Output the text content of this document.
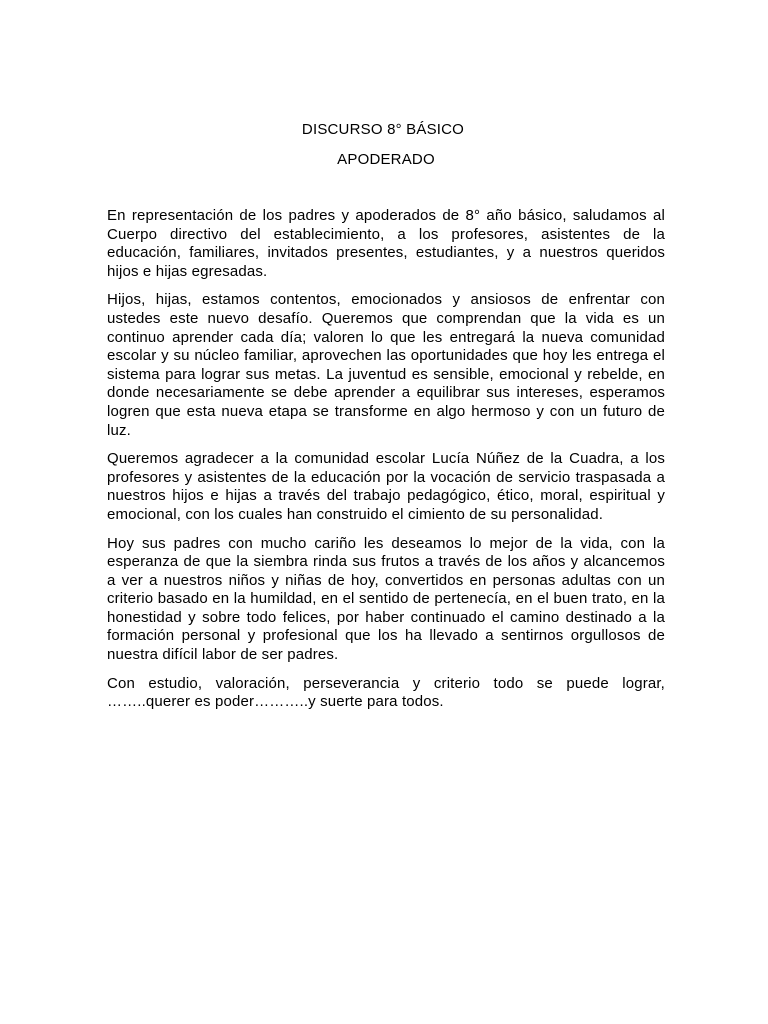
DISCURSO 8° BÁSICO
APODERADO

En representación de los padres y apoderados de 8° año básico, saludamos al Cuerpo directivo del establecimiento, a los profesores, asistentes de la educación, familiares, invitados presentes, estudiantes, y a nuestros queridos hijos e hijas egresadas.

Hijos, hijas, estamos contentos, emocionados y ansiosos de enfrentar con ustedes este nuevo desafío. Queremos que comprendan que la vida es un continuo aprender cada día; valoren lo que les entregará la nueva comunidad escolar y su núcleo familiar, aprovechen las oportunidades que hoy les entrega el sistema para lograr sus metas. La juventud es sensible, emocional y rebelde, en donde necesariamente se debe aprender a equilibrar sus intereses, esperamos logren que esta nueva etapa se transforme en algo hermoso y con un futuro de luz.

Queremos agradecer a la comunidad escolar Lucía Núñez de la Cuadra, a los profesores y asistentes de la educación por la vocación de servicio traspasada a nuestros hijos e hijas a través del trabajo pedagógico, ético, moral, espiritual y emocional, con los cuales han construido el cimiento de su personalidad.

Hoy sus padres con mucho cariño les deseamos lo mejor de la vida, con la esperanza de que la siembra rinda sus frutos a través de los años y alcancemos a ver a nuestros niños y niñas de hoy, convertidos en personas adultas con un criterio basado en la humildad, en el sentido de pertenecía, en el buen trato, en la honestidad y sobre todo felices, por haber continuado el camino destinado a la formación personal y profesional que los ha llevado a sentirnos orgullosos de nuestra difícil labor de ser padres.

Con estudio, valoración, perseverancia y criterio todo se puede lograr, ……..querer es poder………..y suerte para todos.
